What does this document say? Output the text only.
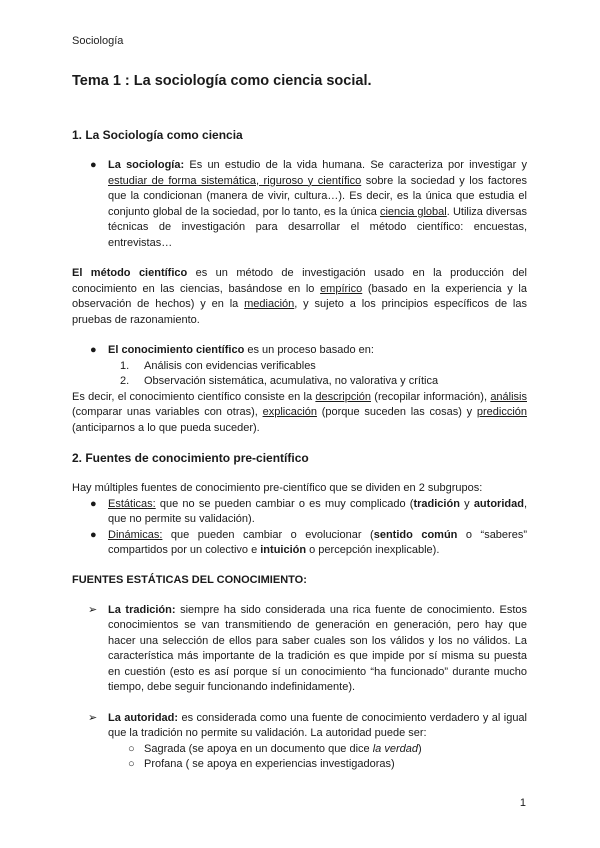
Sociología

Tema 1 : La sociología como ciencia social.

1. La Sociología como ciencia
● La sociología: Es un estudio de la vida humana. Se caracteriza por investigar y estudiar de forma sistemática, riguroso y científico sobre la sociedad y los factores que la condicionan (manera de vivir, cultura…). Es decir, es la única que estudia el conjunto global de la sociedad, por lo tanto, es la única ciencia global. Utiliza diversas técnicas de investigación para desarrollar el método científico: encuestas, entrevistas…

El método científico es un método de investigación usado en la producción del conocimiento en las ciencias, basándose en lo empírico (basado en la experiencia y la observación de hechos) y en la mediación, y sujeto a los principios específicos de las pruebas de razonamiento.

● El conocimiento científico es un proceso basado en:

1. Análisis con evidencias verificables

2. Observación sistemática, acumulativa, no valorativa y crítica

Es decir, el conocimiento científico consiste en la descripción (recopilar información), análisis (comparar unas variables con otras), explicación (porque suceden las cosas) y predicción (anticiparnos a lo que pueda suceder).

2. Fuentes de conocimiento pre-científico

Hay múltiples fuentes de conocimiento pre-científico que se dividen en 2 subgrupos:

● Estáticas: que no se pueden cambiar o es muy complicado (tradición y autoridad, que no permite su validación).

● Dinámicas: que pueden cambiar o evolucionar (sentido común o “saberes” compartidos por un colectivo e intuición o percepción inexplicable).

FUENTES ESTÁTICAS DEL CONOCIMIENTO:

➢ La tradición: siempre ha sido considerada una rica fuente de conocimiento. Estos conocimientos se van transmitiendo de generación en generación, pero hay que hacer una selección de ellos para saber cuales son los válidos y los no válidos. La característica más importante de la tradición es que impide por sí misma su puesta en cuestión (esto es así porque sí un conocimiento “ha funcionado” durante mucho tiempo, debe seguir funcionando indefinidamente).

➢ La autoridad: es considerada como una fuente de conocimiento verdadero y al igual que la tradición no permite su validación. La autoridad puede ser:

○ Sagrada (se apoya en un documento que dice la verdad)

○ Profana ( se apoya en experiencias investigadoras)

1
